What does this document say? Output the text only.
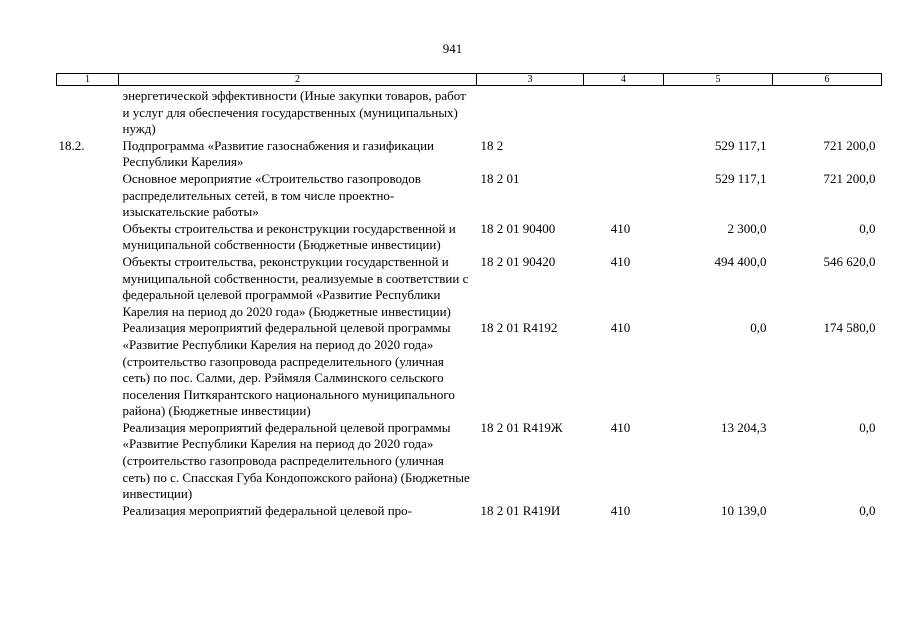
941
1	2	3	4	5	6
	энергетической эффективности (Иные закупки товаров, работ и услуг для обеспечения государственных (муниципальных) нужд)				
18.2.	Подпрограмма «Развитие газоснабжения и газификации Республики Карелия»	18 2		529 117,1	721 200,0
	Основное мероприятие «Строительство газопроводов распределительных сетей, в том числе проектно-изыскательские работы»	18 2 01		529 117,1	721 200,0
	Объекты строительства и реконструкции государственной и муниципальной собственности (Бюджетные инвестиции)	18 2 01 90400	410	2 300,0	0,0
	Объекты строительства, реконструкции государственной и муниципальной собственности, реализуемые в соответствии с федеральной целевой программой «Развитие Республики Карелия на период до 2020 года» (Бюджетные инвестиции)	18 2 01 90420	410	494 400,0	546 620,0
	Реализация мероприятий федеральной целевой программы «Развитие Республики Карелия на период до 2020 года» (строительство газопровода распределительного (уличная сеть) по пос. Салми, дер. Рэймяля Салминского сельского поселения Питкярантского национального муниципального района) (Бюджетные инвестиции)	18 2 01 R4192	410	0,0	174 580,0
	Реализация мероприятий федеральной целевой программы «Развитие Республики Карелия на период до 2020 года» (строительство газопровода распределительного (уличная сеть) по с. Спасская Губа Кондопожского района) (Бюджетные инвестиции)	18 2 01 R419Ж	410	13 204,3	0,0
	Реализация мероприятий федеральной целевой про-	18 2 01 R419И	410	10 139,0	0,0
